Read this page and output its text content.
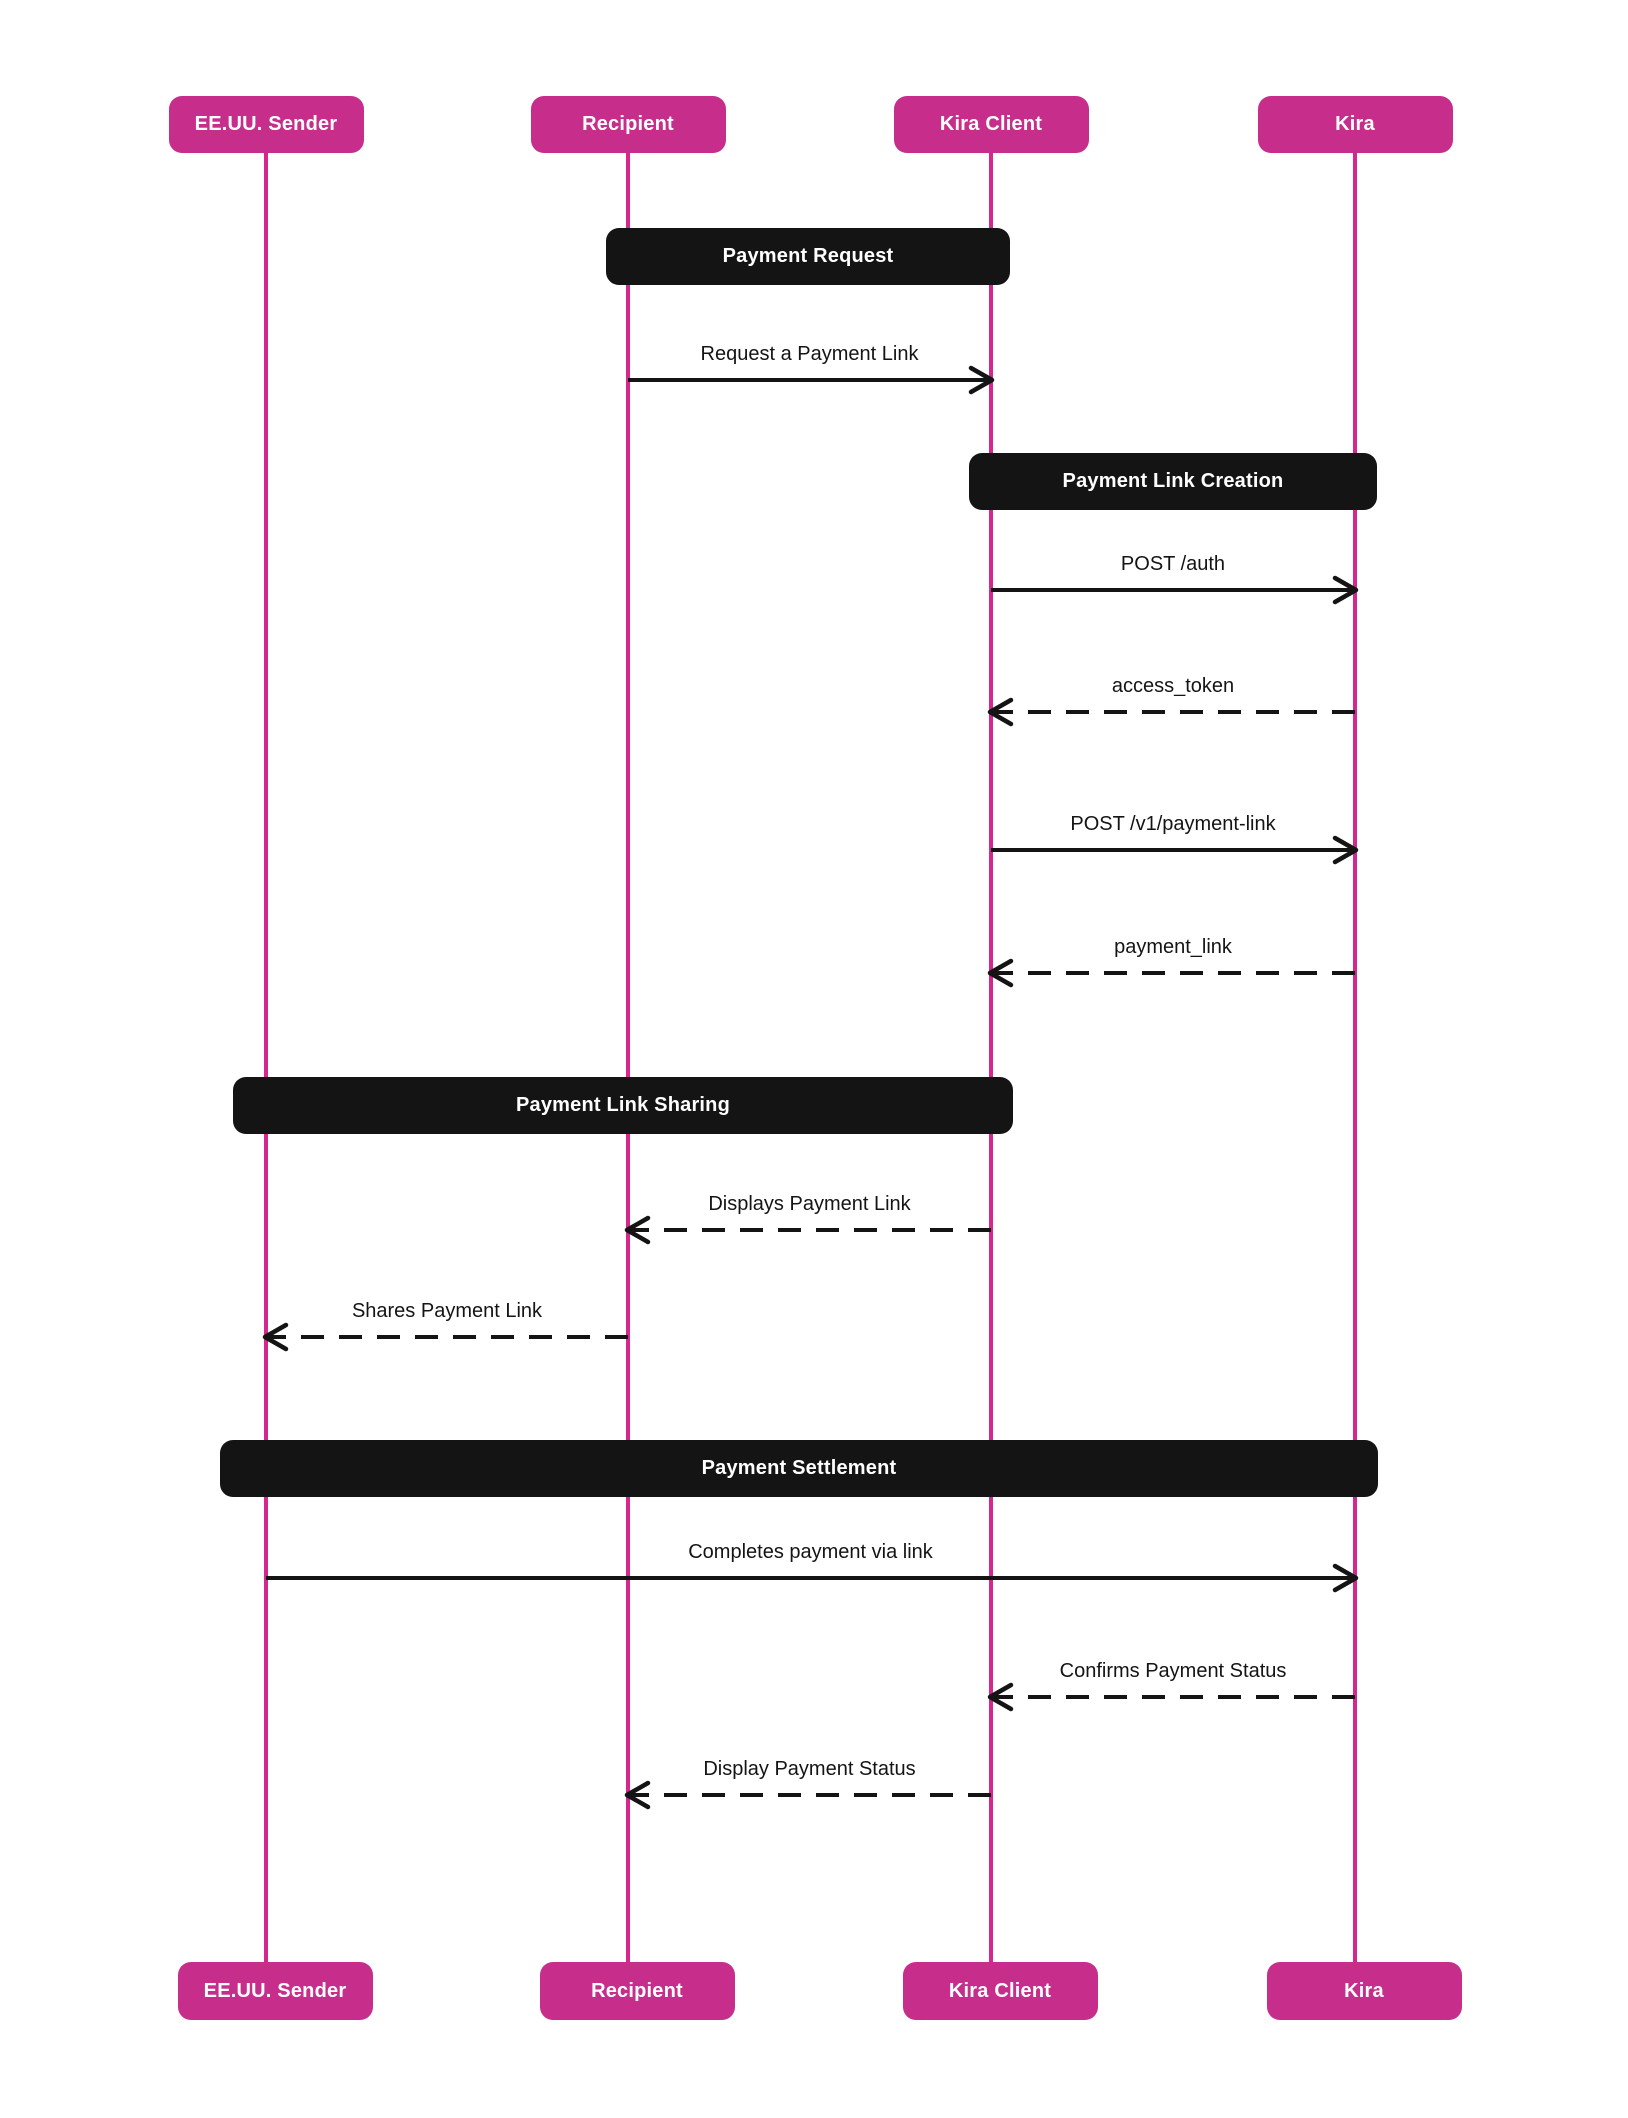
EE.UU. Sender
EE.UU. Sender
Recipient
Recipient
Kira Client
Kira Client
Kira
Kira
Payment Request
Payment Link Creation
Payment Link Sharing
Payment Settlement
Request a Payment Link
POST /auth
access_token
POST /v1/payment-link
payment_link
Displays Payment Link
Shares Payment Link
Completes payment via link
Confirms Payment Status
Display Payment Status
